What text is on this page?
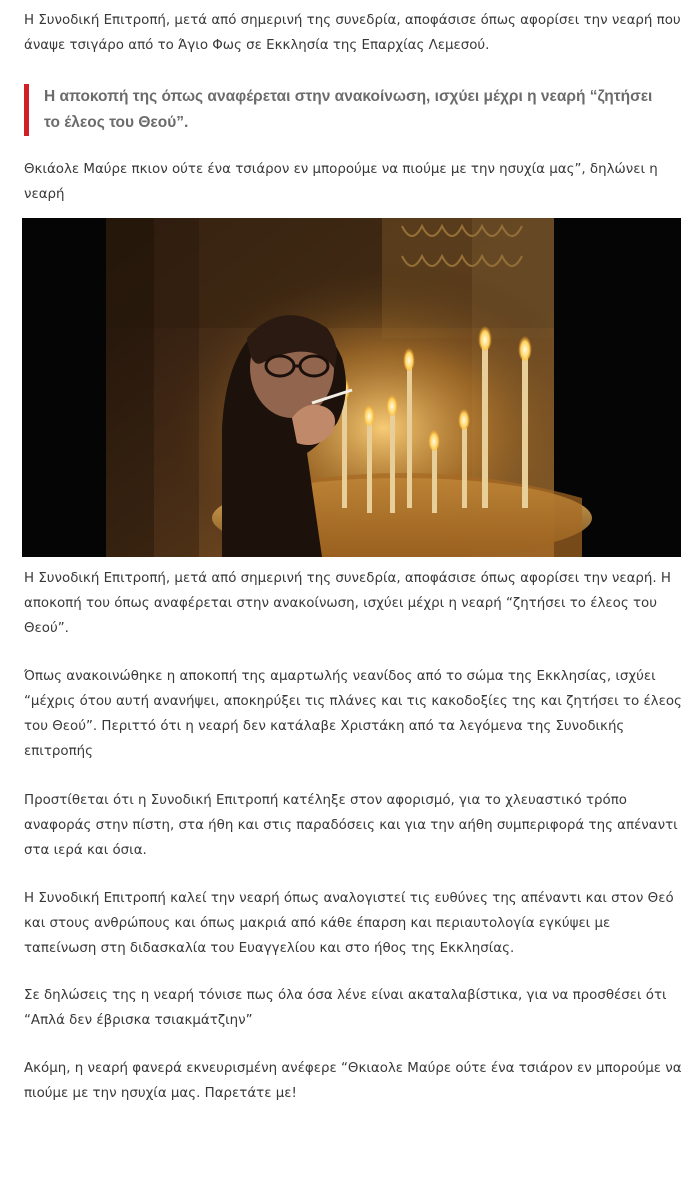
Η Συνοδική Επιτροπή, μετά από σημερινή της συνεδρία, αποφάσισε όπως αφορίσει την νεαρή που άναψε τσιγάρο από το Άγιο Φως σε Εκκλησία της Επαρχίας Λεμεσού.

Η αποκοπή της όπως αναφέρεται στην ανακοίνωση, ισχύει μέχρι η νεαρή “ζητήσει το έλεος του Θεού”.

Θκιάολε Μαύρε πκιον ούτε ένα τσιάρον εν μπορούμε να πιούμε με την ησυχία μας”, δηλώνει η νεαρή

Η Συνοδική Επιτροπή, μετά από σημερινή της συνεδρία, αποφάσισε όπως αφορίσει την νεαρή. Η αποκοπή του όπως αναφέρεται στην ανακοίνωση, ισχύει μέχρι η νεαρή “ζητήσει το έλεος του Θεού”.

Όπως ανακοινώθηκε η αποκοπή της αμαρτωλής νεανίδος από το σώμα της Εκκλησίας, ισχύει “μέχρις ότου αυτή ανανήψει, αποκηρύξει τις πλάνες και τις κακοδοξίες της και ζητήσει το έλεος του Θεού”. Περιττό ότι η νεαρή δεν κατάλαβε Χριστάκη από τα λεγόμενα της Συνοδικής επιτροπής

Προστίθεται ότι η Συνοδική Επιτροπή κατέληξε στον αφορισμό, για το χλευαστικό τρόπο αναφοράς στην πίστη, στα ήθη και στις παραδόσεις και για την αήθη συμπεριφορά της απέναντι στα ιερά και όσια.

Η Συνοδική Επιτροπή καλεί την νεαρή όπως αναλογιστεί τις ευθύνες της απέναντι και στον Θεό και στους ανθρώπους και όπως μακριά από κάθε έπαρση και περιαυτολογία εγκύψει με ταπείνωση στη διδασκαλία του Ευαγγελίου και στο ήθος της Εκκλησίας.

Σε δηλώσεις της η νεαρή τόνισε πως όλα όσα λένε είναι ακαταλαβίστικα, για να προσθέσει ότι “Απλά δεν έβρισκα τσιακμάτζιην”

Ακόμη, η νεαρή φανερά εκνευρισμένη ανέφερε “Θκιαολε Μαύρε ούτε ένα τσιάρον εν μπορούμε να πιούμε με την ησυχία μας. Παρετάτε με!
